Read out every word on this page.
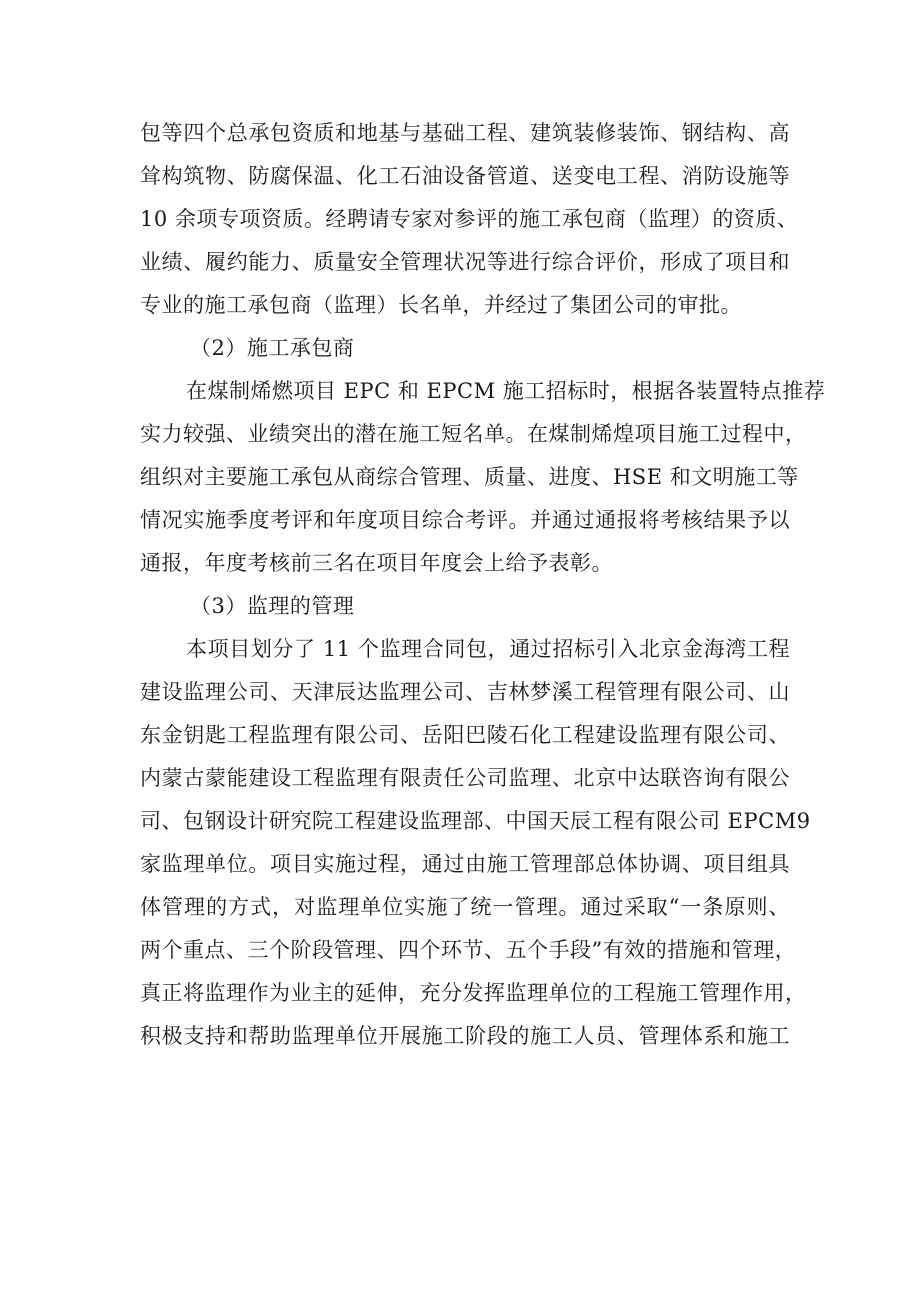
包等四个总承包资质和地基与基础工程、建筑装修装饰、钢结构、高
耸构筑物、防腐保温、化工石油设备管道、送变电工程、消防设施等
10 余项专项资质。经聘请专家对参评的施工承包商（监理）的资质、
业绩、履约能力、质量安全管理状况等进行综合评价，形成了项目和
专业的施工承包商（监理）长名单，并经过了集团公司的审批。
（2）施工承包商
在煤制烯燃项目 EPC 和 EPCM 施工招标时，根据各装置特点推荐
实力较强、业绩突出的潜在施工短名单。在煤制烯煌项目施工过程中，
组织对主要施工承包从商综合管理、质量、进度、HSE 和文明施工等
情况实施季度考评和年度项目综合考评。并通过通报将考核结果予以
通报，年度考核前三名在项目年度会上给予表彰。
（3）监理的管理
本项目划分了 11 个监理合同包，通过招标引入北京金海湾工程
建设监理公司、天津辰达监理公司、吉林梦溪工程管理有限公司、山
东金钥匙工程监理有限公司、岳阳巴陵石化工程建设监理有限公司、
内蒙古蒙能建设工程监理有限责任公司监理、北京中达联咨询有限公
司、包钢设计研究院工程建设监理部、中国天辰工程有限公司 EPCM9
家监理单位。项目实施过程，通过由施工管理部总体协调、项目组具
体管理的方式，对监理单位实施了统一管理。通过采取“一条原则、
两个重点、三个阶段管理、四个环节、五个手段”有效的措施和管理，
真正将监理作为业主的延伸，充分发挥监理单位的工程施工管理作用，
积极支持和帮助监理单位开展施工阶段的施工人员、管理体系和施工
